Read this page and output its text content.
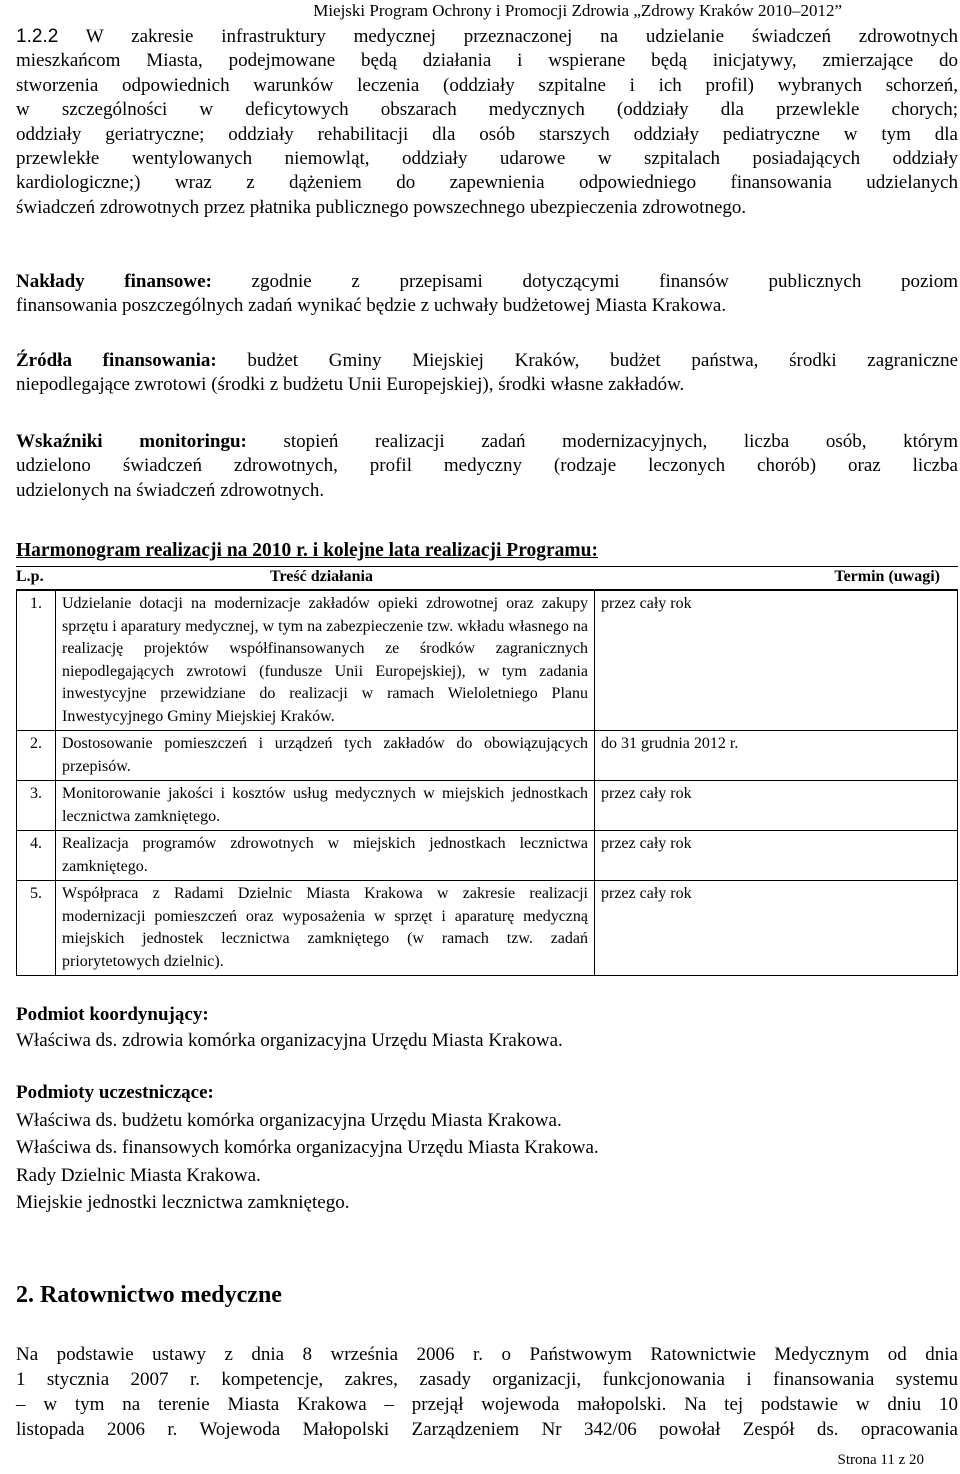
Miejski Program Ochrony i Promocji Zdrowia „Zdrowy Kraków 2010–2012”
1.2.2 W zakresie infrastruktury medycznej przeznaczonej na udzielanie świadczeń zdrowotnych
mieszkańcom Miasta, podejmowane będą działania i wspierane będą inicjatywy, zmierzające do
stworzenia odpowiednich warunków leczenia (oddziały szpitalne i ich profil) wybranych schorzeń,
w szczególności w deficytowych obszarach medycznych (oddziały dla przewlekle chorych;
oddziały geriatryczne; oddziały rehabilitacji dla osób starszych oddziały pediatryczne w tym dla
przewlekłe wentylowanych niemowląt, oddziały udarowe w szpitalach posiadających oddziały
kardiologiczne;) wraz z dążeniem do zapewnienia odpowiedniego finansowania udzielanych
świadczeń zdrowotnych przez płatnika publicznego powszechnego ubezpieczenia zdrowotnego.
Nakłady finansowe: zgodnie z przepisami dotyczącymi finansów publicznych poziom
finansowania poszczególnych zadań wynikać będzie z uchwały budżetowej Miasta Krakowa.
Źródła finansowania: budżet Gminy Miejskiej Kraków, budżet państwa, środki zagraniczne
niepodlegające zwrotowi (środki z budżetu Unii Europejskiej), środki własne zakładów.
Wskaźniki monitoringu: stopień realizacji zadań modernizacyjnych, liczba osób, którym
udzielono świadczeń zdrowotnych, profil medyczny (rodzaje leczonych chorób) oraz liczba
udzielonych na świadczeń zdrowotnych.
Harmonogram realizacji na 2010 r. i kolejne lata realizacji Programu:
L.p.	Treść działania	Termin (uwagi)
1.	Udzielanie dotacji na modernizacje zakładów opieki zdrowotnej oraz zakupy sprzętu i aparatury medycznej, w tym na zabezpieczenie tzw. wkładu własnego na realizację projektów współfinansowanych ze środków zagranicznych niepodlegających zwrotowi (fundusze Unii Europejskiej), w tym zadania inwestycyjne przewidziane do realizacji w ramach Wieloletniego Planu Inwestycyjnego Gminy Miejskiej Kraków.	przez cały rok
2.	Dostosowanie pomieszczeń i urządzeń tych zakładów do obowiązujących przepisów.	do 31 grudnia 2012 r.
3.	Monitorowanie jakości i kosztów usług medycznych w miejskich jednostkach lecznictwa zamkniętego.	przez cały rok
4.	Realizacja programów zdrowotnych w miejskich jednostkach lecznictwa zamkniętego.	przez cały rok
5.	Współpraca z Radami Dzielnic Miasta Krakowa w zakresie realizacji modernizacji pomieszczeń oraz wyposażenia w sprzęt i aparaturę medyczną miejskich jednostek lecznictwa zamkniętego (w ramach tzw. zadań priorytetowych dzielnic).	przez cały rok
Podmiot koordynujący:
Właściwa ds. zdrowia komórka organizacyjna Urzędu Miasta Krakowa.
Podmioty uczestniczące:
Właściwa ds. budżetu komórka organizacyjna Urzędu Miasta Krakowa.
Właściwa ds. finansowych komórka organizacyjna Urzędu Miasta Krakowa.
Rady Dzielnic Miasta Krakowa.
Miejskie jednostki lecznictwa zamkniętego.
2. Ratownictwo medyczne
Na podstawie ustawy z dnia 8 września 2006 r. o Państwowym Ratownictwie Medycznym od dnia
1 stycznia 2007 r. kompetencje, zakres, zasady organizacji, funkcjonowania i finansowania systemu
– w tym na terenie Miasta Krakowa – przejął wojewoda małopolski. Na tej podstawie w dniu 10
listopada 2006 r. Wojewoda Małopolski Zarządzeniem Nr 342/06 powołał Zespół ds. opracowania
Strona 11 z 20
